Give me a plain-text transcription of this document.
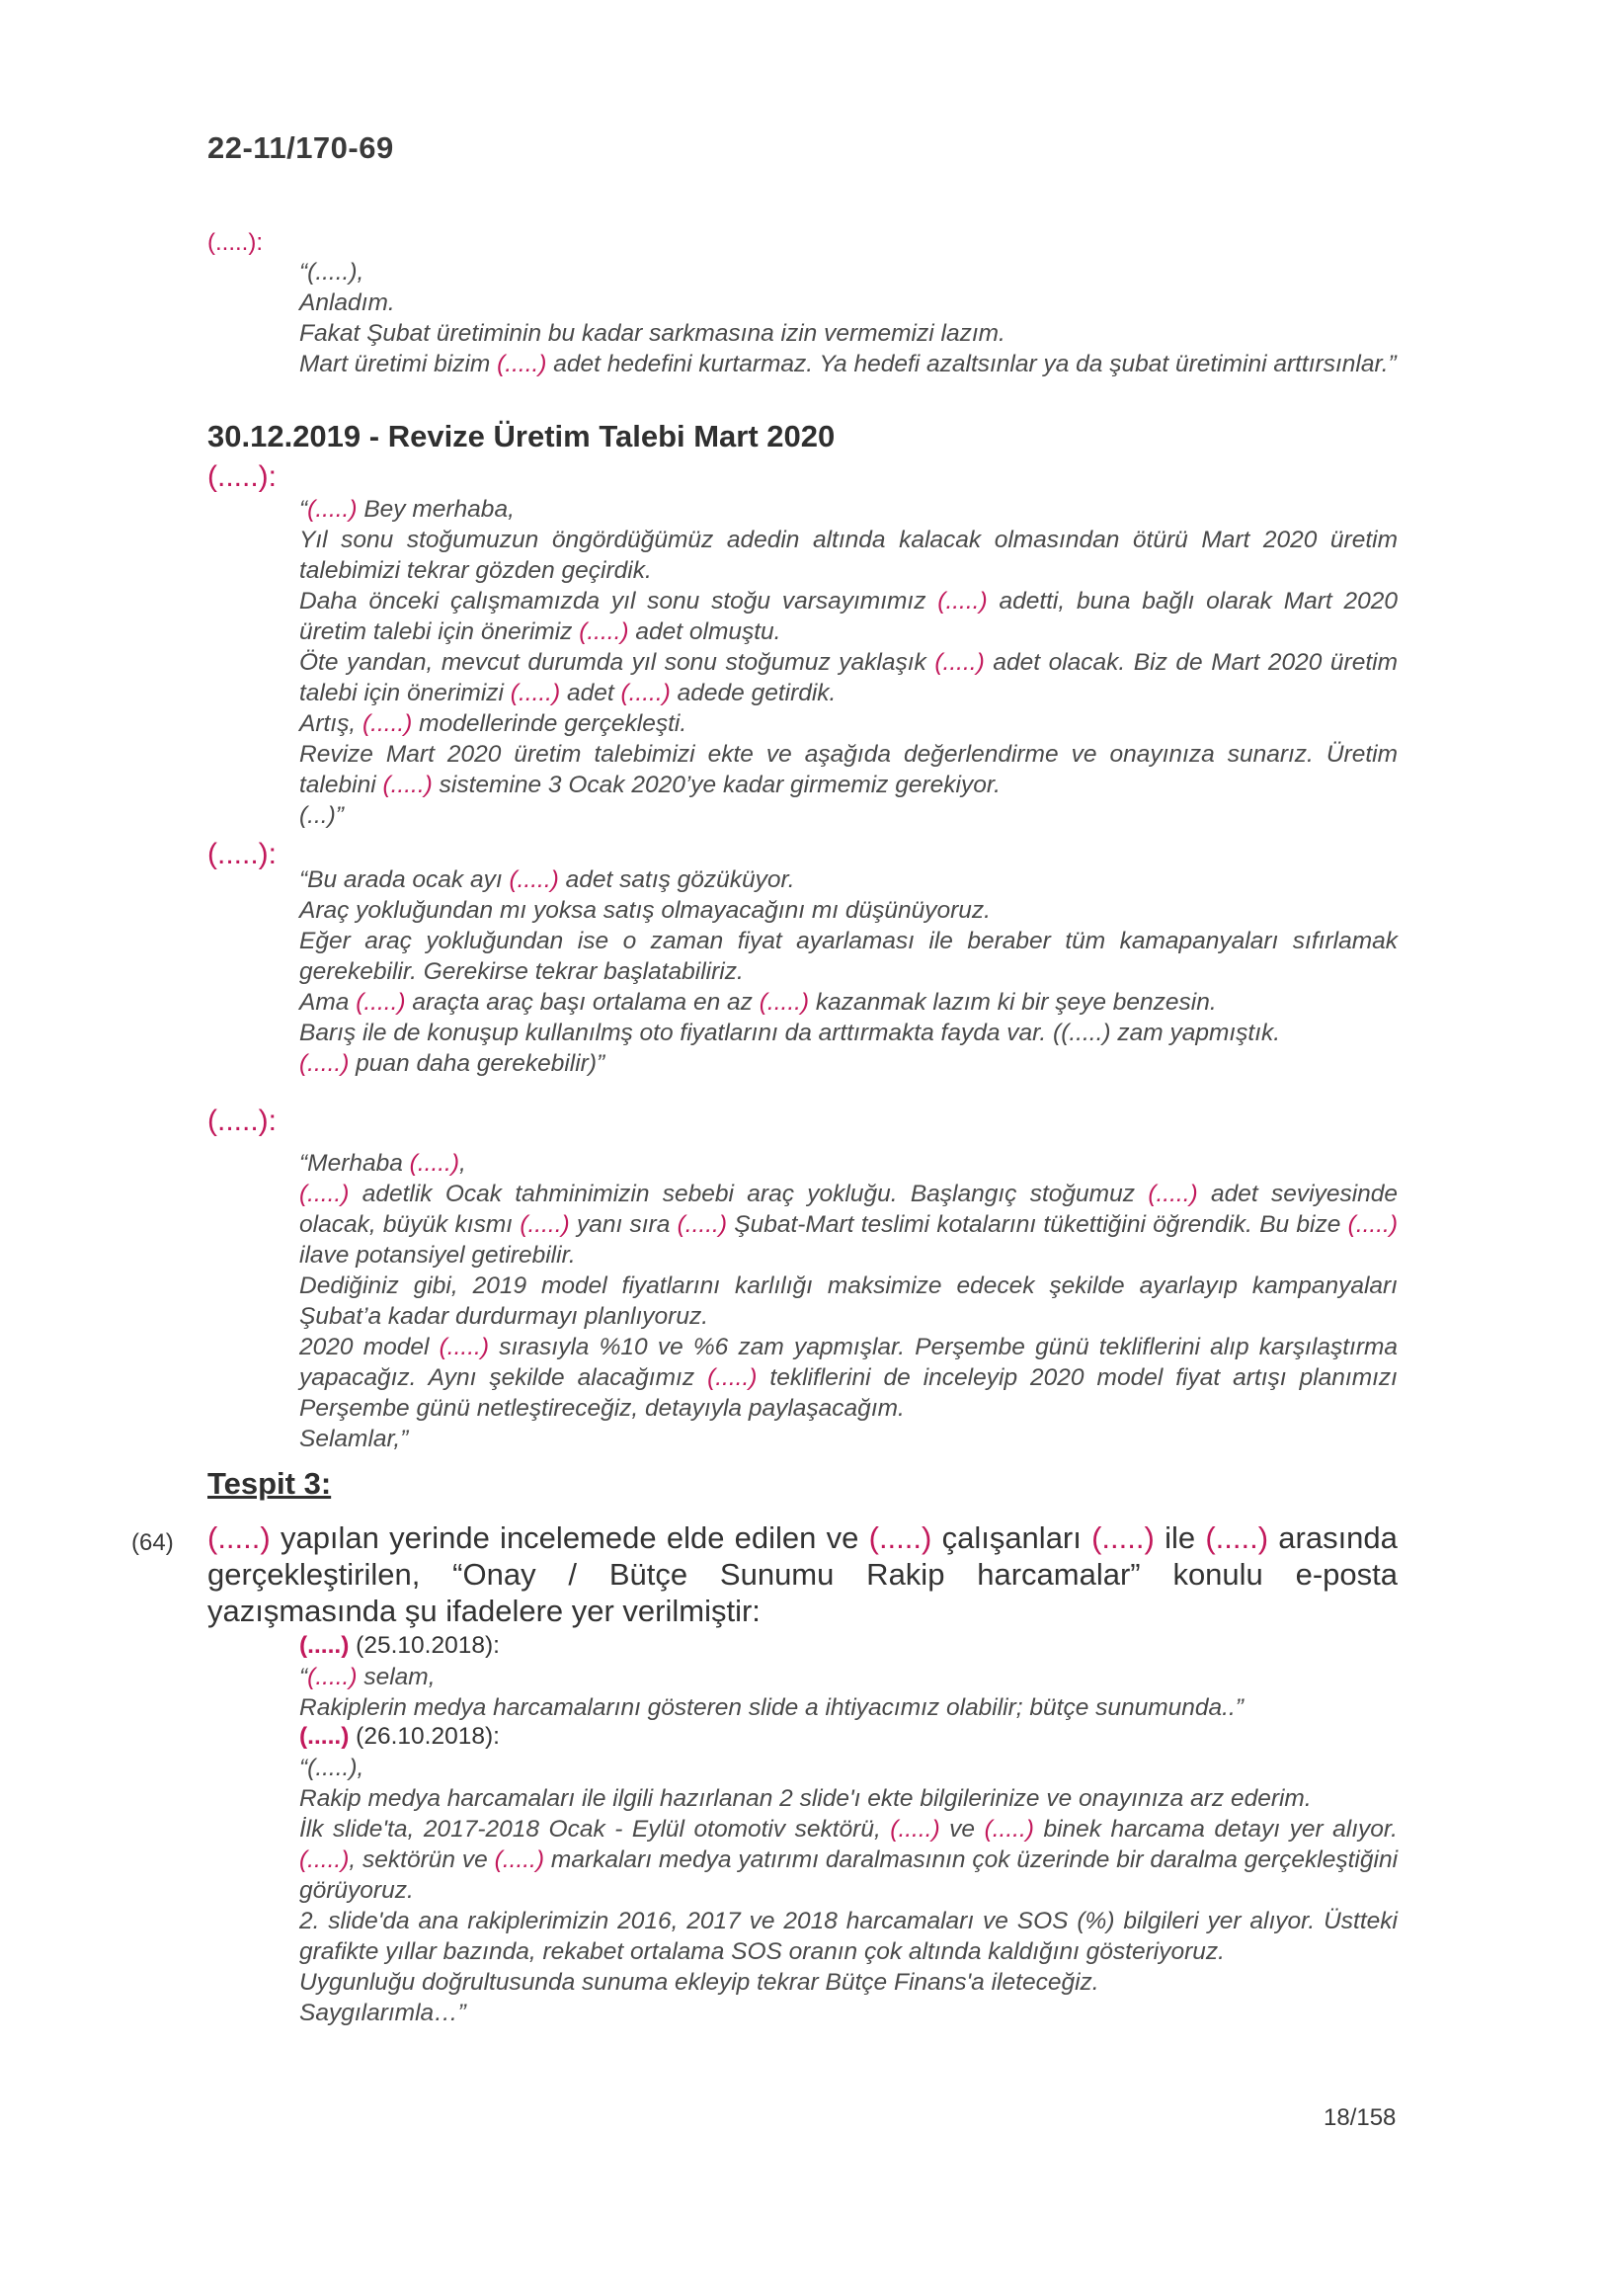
22-11/170-69
(.....):

“(.....),

Anladım.

Fakat Şubat üretiminin bu kadar sarkmasına izin vermemizi lazım.

Mart üretimi bizim (.....) adet hedefini kurtarmaz. Ya hedefi azaltsınlar ya da şubat üretimini arttırsınlar.”

30.12.2019 - Revize Üretim Talebi Mart 2020
(.....):

“(.....) Bey merhaba,

Yıl sonu stoğumuzun öngördüğümüz adedin altında kalacak olmasından ötürü Mart 2020 üretim talebimizi tekrar gözden geçirdik.

Daha önceki çalışmamızda yıl sonu stoğu varsayımımız (.....) adetti, buna bağlı olarak Mart 2020 üretim talebi için önerimiz (.....) adet olmuştu.

Öte yandan, mevcut durumda yıl sonu stoğumuz yaklaşık (.....) adet olacak. Biz de Mart 2020 üretim talebi için önerimizi (.....) adet (.....) adede getirdik.

Artış, (.....) modellerinde gerçekleşti.

Revize Mart 2020 üretim talebimizi ekte ve aşağıda değerlendirme ve onayınıza sunarız. Üretim talebini (.....) sistemine 3 Ocak 2020’ye kadar girmemiz gerekiyor.

(...)”

(.....):

“Bu arada ocak ayı (.....) adet satış gözüküyor.

Araç yokluğundan mı yoksa satış olmayacağını mı düşünüyoruz.

Eğer araç yokluğundan ise o zaman fiyat ayarlaması ile beraber tüm kamapanyaları sıfırlamak gerekebilir. Gerekirse tekrar başlatabiliriz.

Ama (.....) araçta araç başı ortalama en az (.....) kazanmak lazım ki bir şeye benzesin.

Barış ile de konuşup kullanılmş oto fiyatlarını da arttırmakta fayda var. ((.....) zam yapmıştık.

(.....) puan daha gerekebilir)”

(.....):

“Merhaba (.....),

(.....) adetlik Ocak tahminimizin sebebi araç yokluğu. Başlangıç stoğumuz (.....) adet seviyesinde olacak, büyük kısmı (.....) yanı sıra (.....) Şubat-Mart teslimi kotalarını tükettiğini öğrendik. Bu bize (.....) ilave potansiyel getirebilir.

Dediğiniz gibi, 2019 model fiyatlarını karlılığı maksimize edecek şekilde ayarlayıp kampanyaları Şubat’a kadar durdurmayı planlıyoruz.

2020 model (.....) sırasıyla %10 ve %6 zam yapmışlar. Perşembe günü tekliflerini alıp karşılaştırma yapacağız. Aynı şekilde alacağımız (.....) tekliflerini de inceleyip 2020 model fiyat artışı planımızı Perşembe günü netleştireceğiz, detayıyla paylaşacağım.

Selamlar,”

Tespit 3:
(64) (.....) yapılan yerinde incelemede elde edilen ve (.....) çalışanları (.....) ile (.....) arasında gerçekleştirilen, “Onay / Bütçe Sunumu Rakip harcamalar” konulu e-posta yazışmasında şu ifadelere yer verilmiştir:
(.....) (25.10.2018):

“(.....) selam,

Rakiplerin medya harcamalarını gösteren slide a ihtiyacımız olabilir; bütçe sunumunda..”

(.....) (26.10.2018):

“(.....),

Rakip medya harcamaları ile ilgili hazırlanan 2 slide'ı ekte bilgilerinize ve onayınıza arz ederim.

İlk slide'ta, 2017-2018 Ocak - Eylül otomotiv sektörü, (.....) ve (.....) binek harcama detayı yer alıyor. (.....), sektörün ve (.....) markaları medya yatırımı daralmasının çok üzerinde bir daralma gerçekleştiğini görüyoruz.

2. slide'da ana rakiplerimizin 2016, 2017 ve 2018 harcamaları ve SOS (%) bilgileri yer alıyor. Üstteki grafikte yıllar bazında, rekabet ortalama SOS oranın çok altında kaldığını gösteriyoruz.

Uygunluğu doğrultusunda sunuma ekleyip tekrar Bütçe Finans'a ileteceğiz.

Saygılarımla…”

18/158
